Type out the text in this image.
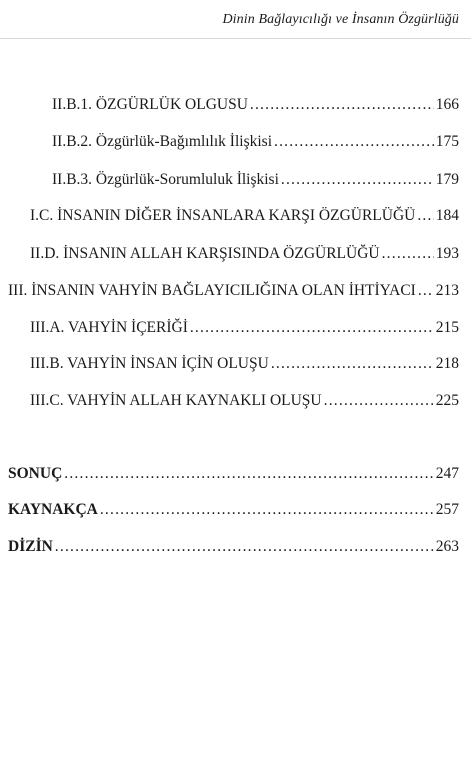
Dinin Bağlayıcılığı ve İnsanın Özgürlüğü
II.B.1. ÖZGÜRLÜK OLGUSU .....	166
II.B.2. Özgürlük-Bağımlılık İlişkisi .....	175
II.B.3. Özgürlük-Sorumluluk İlişkisi .....	179
I.C. İNSANIN DİĞER İNSANLARA KARŞI ÖZGÜRLÜĞÜ ..... 184
II.D. İNSANIN ALLAH KARŞISINDA ÖZGÜRLÜĞÜ .....	193
III. İNSANIN VAHYİN BAĞLAYICILIĞINA OLAN İHTİYACI ..... 213
III.A. VAHYİN İÇERİĞİ .....	215
III.B. VAHYİN İNSAN İÇİN OLUŞU .....	218
III.C. VAHYİN ALLAH KAYNAKLI OLUŞU .....	225
SONUÇ .....	247
KAYNAKÇA .....	257
DİZİN .....	263
